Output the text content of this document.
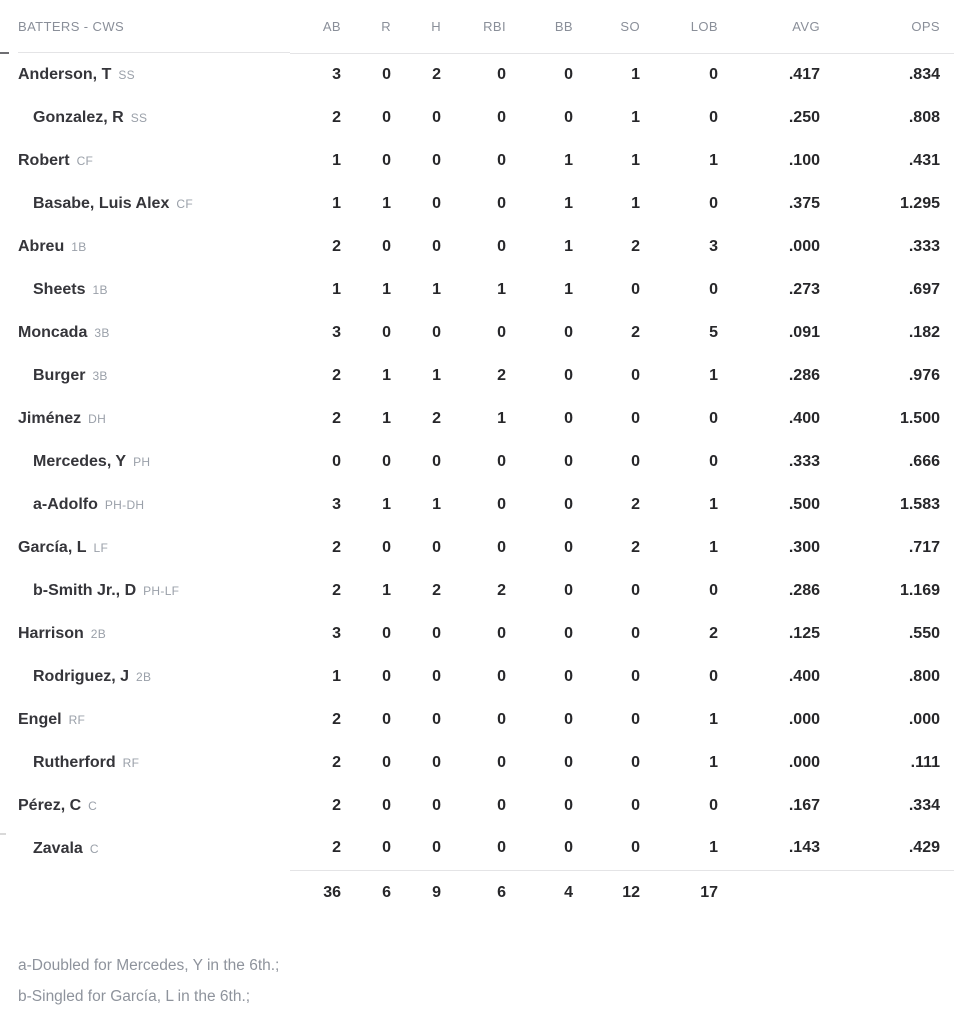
BATTERS - CWS	AB	R	H	RBI	BB	SO	LOB	AVG	OPS
Anderson, T SS	3	0	2	0	0	1	0	.417	.834
Gonzalez, R SS	2	0	0	0	0	1	0	.250	.808
Robert CF	1	0	0	0	1	1	1	.100	.431
Basabe, Luis Alex CF	1	1	0	0	1	1	0	.375	1.295
Abreu 1B	2	0	0	0	1	2	3	.000	.333
Sheets 1B	1	1	1	1	1	0	0	.273	.697
Moncada 3B	3	0	0	0	0	2	5	.091	.182
Burger 3B	2	1	1	2	0	0	1	.286	.976
Jiménez DH	2	1	2	1	0	0	0	.400	1.500
Mercedes, Y PH	0	0	0	0	0	0	0	.333	.666
a-Adolfo PH-DH	3	1	1	0	0	2	1	.500	1.583
García, L LF	2	0	0	0	0	2	1	.300	.717
b-Smith Jr., D PH-LF	2	1	2	2	0	0	0	.286	1.169
Harrison 2B	3	0	0	0	0	0	2	.125	.550
Rodriguez, J 2B	1	0	0	0	0	0	0	.400	.800
Engel RF	2	0	0	0	0	0	1	.000	.000
Rutherford RF	2	0	0	0	0	0	1	.000	.111
Pérez, C C	2	0	0	0	0	0	0	.167	.334
Zavala C	2	0	0	0	0	0	1	.143	.429
	36	6	9	6	4	12	17		
a-Doubled for Mercedes, Y in the 6th.;
b-Singled for García, L in the 6th.;
